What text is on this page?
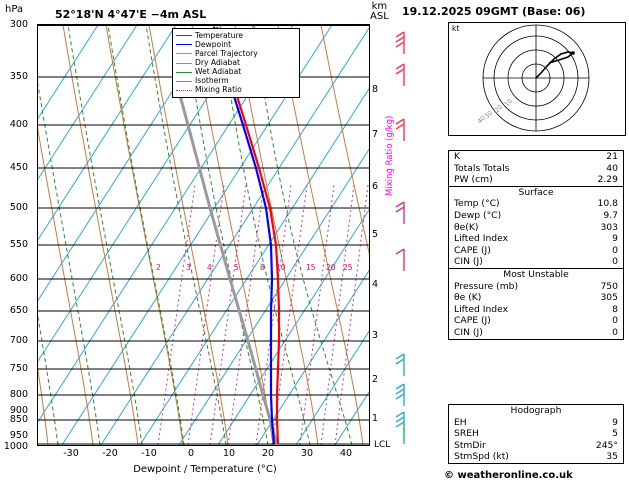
hPa	km
ASL
52°18'N 4°47'E −4m ASL
2	3 4	5	8 10	15 20 25
Temperature
Dewpoint
Parcel Trajectory
Dry Adiabat
Wet Adiabat
Isotherm
Mixing Ratio
300
350
400
450
500
550
600
650
700
750
800
850
900
950
1000
8
7
6
5
4
3
2
1
LCL
Mixing Ratio (g/kg)
-30	-20	-10	0	10	20	30	40
Dewpoint / Temperature (°C)
19.12.2025 09GMT (Base: 06)
kt
10
20
30
40
K	21
Totals Totals	40
PW (cm)	2.29
Surface
Temp (°C)	10.8
Dewp (°C)	9.7
θe(K)	303
Lifted Index	9
CAPE (J)	0
CIN (J)	0
Most Unstable
Pressure (mb)	750
θe (K)	305
Lifted Index	8
CAPE (J)	0
CIN (J)	0
Hodograph
EH	9
SREH	5
StmDir	245°
StmSpd (kt)	35
© weatheronline.co.uk
